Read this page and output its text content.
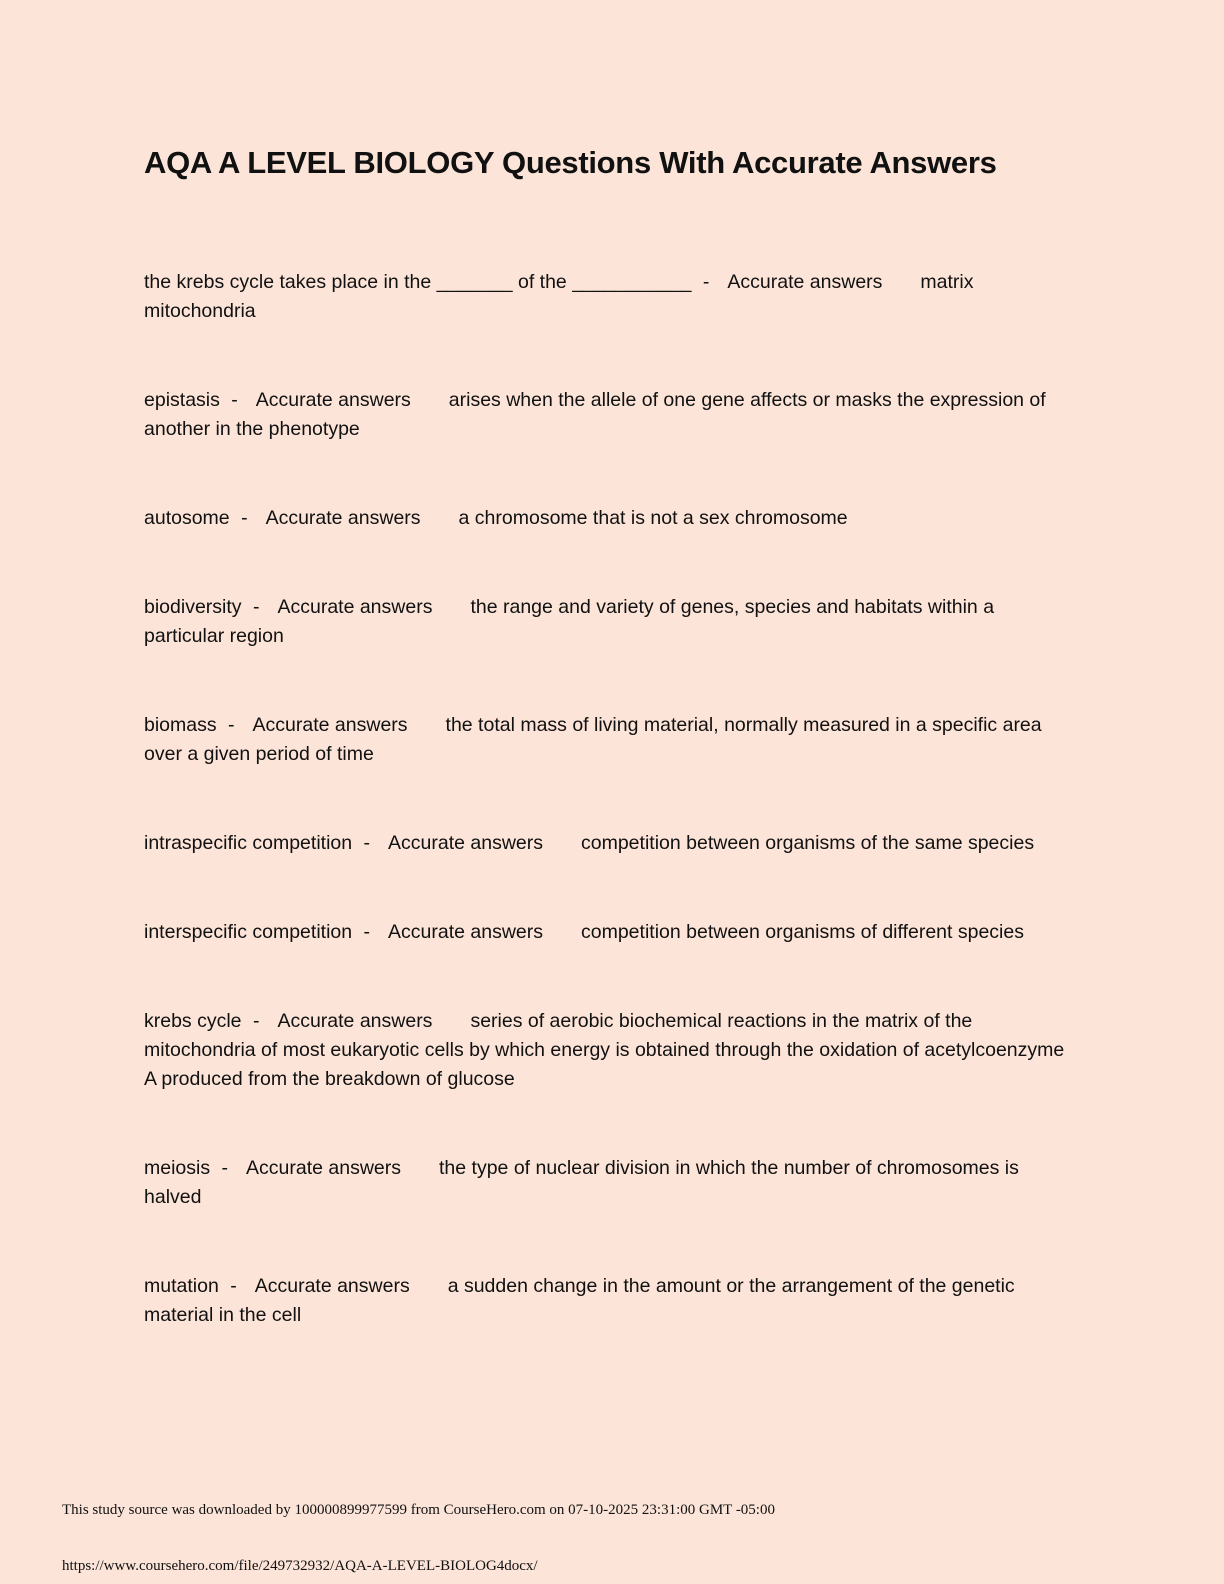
AQA A LEVEL BIOLOGY Questions With Accurate Answers

the krebs cycle takes place in the _______ of the ___________ - Accurate answers matrix mitochondria

epistasis - Accurate answers arises when the allele of one gene affects or masks the expression of another in the phenotype

autosome - Accurate answers a chromosome that is not a sex chromosome

biodiversity - Accurate answers the range and variety of genes, species and habitats within a particular region

biomass - Accurate answers the total mass of living material, normally measured in a specific area over a given period of time

intraspecific competition - Accurate answers competition between organisms of the same species

interspecific competition - Accurate answers competition between organisms of different species

krebs cycle - Accurate answers series of aerobic biochemical reactions in the matrix of the mitochondria of most eukaryotic cells by which energy is obtained through the oxidation of acetylcoenzyme A produced from the breakdown of glucose

meiosis - Accurate answers the type of nuclear division in which the number of chromosomes is halved

mutation - Accurate answers a sudden change in the amount or the arrangement of the genetic material in the cell

This study source was downloaded by 100000899977599 from CourseHero.com on 07-10-2025 23:31:00 GMT -05:00
https://www.coursehero.com/file/249732932/AQA-A-LEVEL-BIOLOG4docx/
